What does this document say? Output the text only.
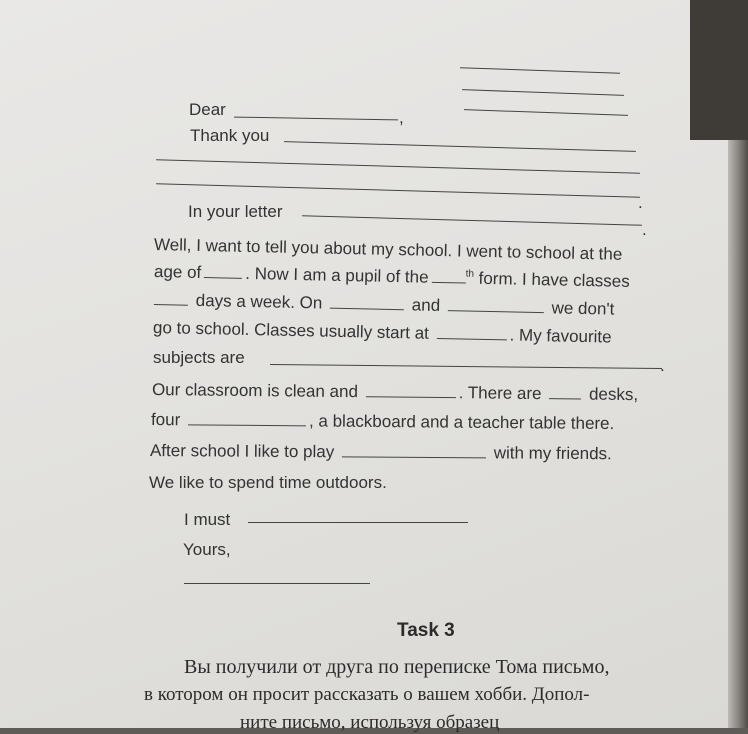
Dear	,
Thank you
.
In your letter
.
Well, I want to tell you about my school. I went to school at the
age of	. Now I am a pupil of the	$^{th}$ form. I have classes
days a week. On	and	we don't
go to school. Classes usually start at	. My favourite
subjects are	.
Our classroom is clean and	. There are	desks,
four	, a blackboard and a teacher table there.
After school I like to play	with my friends.
We like to spend time outdoors.
I must
Yours,
Task 3
Вы получили от друга по переписке Тома письмо,
в котором он просит рассказать о вашем хобби. Допол-
ните письмо, используя образец
